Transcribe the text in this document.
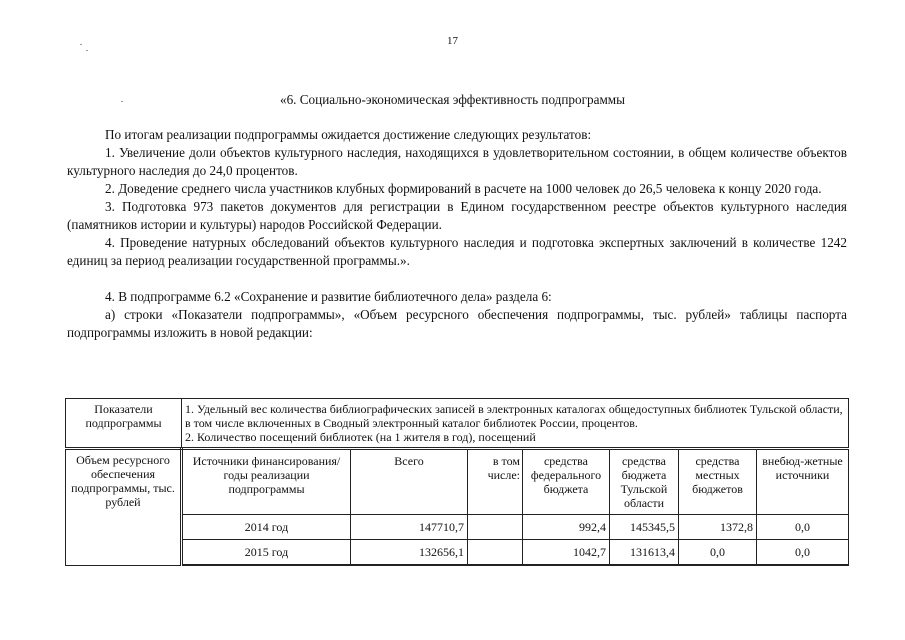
17
«6. Социально-экономическая эффективность подпрограммы

По итогам реализации подпрограммы ожидается достижение следующих результатов:

1. Увеличение доли объектов культурного наследия, находящихся в удовлетворительном состоянии, в общем количестве объектов культурного наследия до 24,0 процентов.

2. Доведение среднего числа участников клубных формирований в расчете на 1000 человек до 26,5 человека к концу 2020 года.

3. Подготовка 973 пакетов документов для регистрации в Едином государственном реестре объектов культурного наследия (памятников истории и культуры) народов Российской Федерации.

4. Проведение натурных обследований объектов культурного наследия и подготовка экспертных заключений в количестве 1242 единиц за период реализации государственной программы.».

4. В подпрограмме 6.2 «Сохранение и развитие библиотечного дела» раздела 6:

а) строки «Показатели подпрограммы», «Объем ресурсного обеспечения подпрограммы, тыс. рублей» таблицы паспорта подпрограммы изложить в новой редакции:

Показатели подпрограммы	
1. Удельный вес количества библиографических записей в электронных каталогах общедоступных библиотек Тульской области, в том числе включенных в Сводный электронный каталог библиотек России, процентов.
2. Количество посещений библиотек (на 1 жителя в год), посещений

Объем ресурсного обеспечения подпрограммы, тыс. рублей	
Источники финансирования/годы реализации подпрограммы	Всего	в том числе:	средства федерального бюджета	средства бюджета Тульской области	средства местных бюджетов	внебюд-жетные источники
2014 год	147710,7		992,4	145345,5	1372,8	0,0
2015 год	132656,1		1042,7	131613,4	0,0	0,0
